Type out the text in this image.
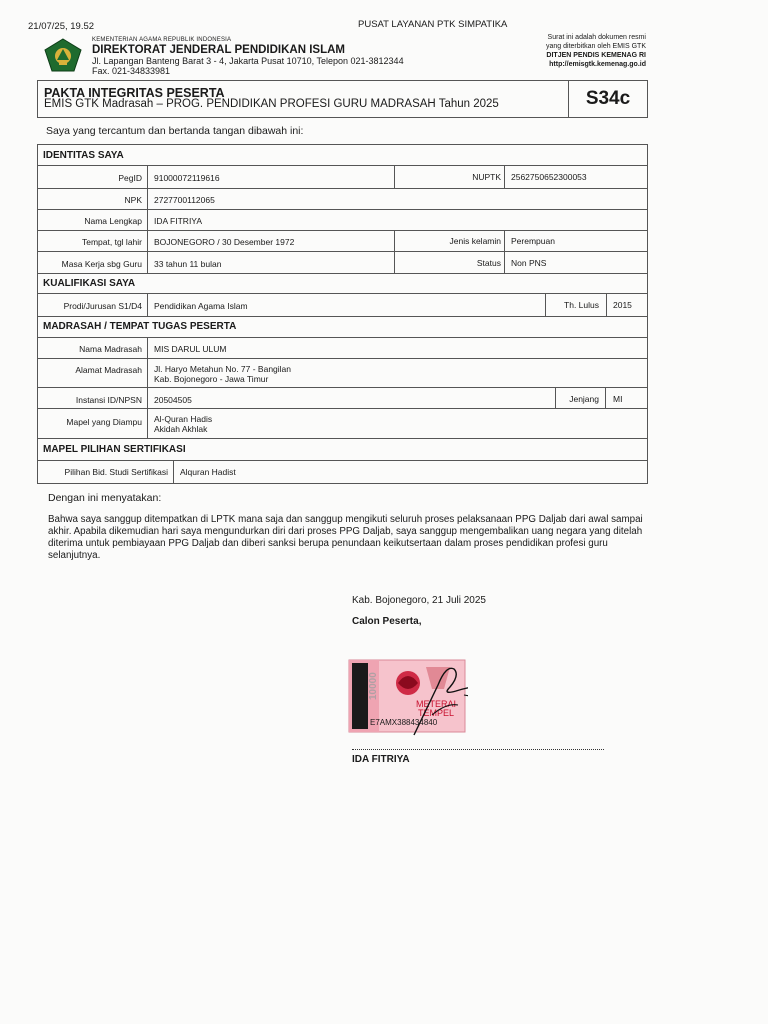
21/07/25, 19.52	PUSAT LAYANAN PTK SIMPATIKA
KEMENTERIAN AGAMA REPUBLIK INDONESIA
DIREKTORAT JENDERAL PENDIDIKAN ISLAM
Jl. Lapangan Banteng Barat 3 - 4, Jakarta Pusat 10710, Telepon 021-3812344
Fax. 021-34833981
Surat ini adalah dokumen resmi
yang diterbitkan oleh EMIS GTK
DITJEN PENDIS KEMENAG RI
http://emisgtk.kemenag.go.id
PAKTA INTEGRITAS PESERTA
EMIS GTK Madrasah – PROG. PENDIDIKAN PROFESI GURU MADRASAH Tahun 2025	S34c
Saya yang tercantum dan bertanda tangan dibawah ini:
IDENTITAS SAYA
PegID 91000072119616	NUPTK 2562750652300053
NPK 2727700112065
Nama Lengkap IDA FITRIYA
Tempat, tgl lahir BOJONEGORO / 30 Desember 1972	Jenis kelamin Perempuan
Masa Kerja sbg Guru 33 tahun 11 bulan	Status Non PNS
KUALIFIKASI SAYA
Prodi/Jurusan S1/D4 Pendidikan Agama Islam	Th. Lulus 2015
MADRASAH / TEMPAT TUGAS PESERTA
Nama Madrasah MIS DARUL ULUM
Alamat Madrasah Jl. Haryo Metahun No. 77 - Bangilan
Kab. Bojonegoro - Jawa Timur
Instansi ID/NPSN 20504505	Jenjang MI
Mapel yang Diampu Al-Quran Hadis
Akidah Akhlak
MAPEL PILIHAN SERTIFIKASI
Pilihan Bid. Studi Sertifikasi Alquran Hadist
Dengan ini menyatakan:
Bahwa saya sanggup ditempatkan di LPTK mana saja dan sanggup mengikuti seluruh proses pelaksanaan PPG Daljab dari awal sampai akhir. Apabila dikemudian hari saya mengundurkan diri dari proses PPG Daljab, saya sanggup mengembalikan uang negara yang ditelah diterima untuk pembiayaan PPG Daljab dan diberi sanksi berupa penundaan keikutsertaan dalam proses pendidikan profesi guru selanjutnya.
Kab. Bojonegoro, 21 Juli 2025
Calon Peserta,
METERAI
TEMPEL
E7AMX388434840
10000
IDA FITRIYA
